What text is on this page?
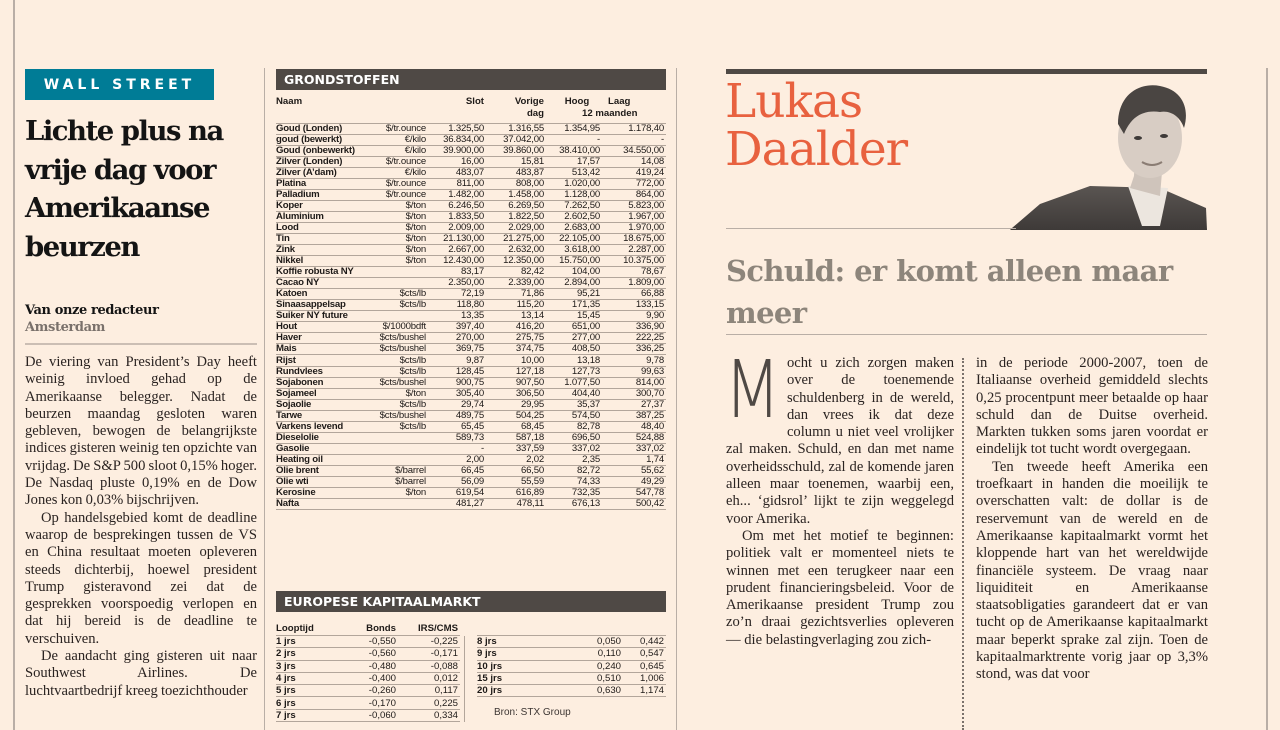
WALL STREET
Lichte plus na vrije dag voor Amerikaanse beurzen
Van onze redacteur
Amsterdam

De viering van President’s Day heeft weinig invloed gehad op de Amerikaanse belegger. Nadat de beurzen maandag gesloten waren gebleven, bewogen de belangrijkste indices gisteren weinig ten opzichte van vrijdag. De S&P 500 sloot 0,15% hoger. De Nasdaq pluste 0,19% en de Dow Jones kon 0,03% bijschrijven.

Op handelsgebied komt de deadline waarop de besprekingen tussen de VS en China resultaat moeten opleveren steeds dichterbij, hoewel president Trump gisteravond zei dat de gesprekken voorspoedig verlopen en dat hij bereid is de deadline te verschuiven.

De aandacht ging gisteren uit naar Southwest Airlines. De luchtvaartbedrijf kreeg toezichthouder

GRONDSTOFFEN
Naam		Slot	Vorige dag	Hoog	Laag
Goud (Londen)	$/tr.ounce	1.325,50	1.316,55	1.354,95	1.178,40
goud (bewerkt)	€/kilo	36.834,00	37.042,00	-	-
Goud (onbewerkt)	€/kilo	39.900,00	39.860,00	38.410,00	34.550,00
Zilver (Londen)	$/tr.ounce	16,00	15,81	17,57	14,08
Zilver (A’dam)	€/kilo	483,07	483,87	513,42	419,24
Platina	$/tr.ounce	811,00	808,00	1.020,00	772,00
Palladium	$/tr.ounce	1.482,00	1.458,00	1.128,00	864,00
Koper	$/ton	6.246,50	6.269,50	7.262,50	5.823,00
Aluminium	$/ton	1.833,50	1.822,50	2.602,50	1.967,00
Lood	$/ton	2.009,00	2.029,00	2.683,00	1.970,00
Tin	$/ton	21.130,00	21.275,00	22.105,00	18.675,00
Zink	$/ton	2.667,00	2.632,00	3.618,00	2.287,00
Nikkel	$/ton	12.430,00	12.350,00	15.750,00	10.375,00
Koffie robusta NY		83,17	82,42	104,00	78,67
Cacao NY		2.350,00	2.339,00	2.894,00	1.809,00
Katoen	$cts/lb	72,19	71,86	95,21	66,88
Sinaasappelsap	$cts/lb	118,80	115,20	171,35	133,15
Suiker NY future		13,35	13,14	15,45	9,90
Hout	$/1000bdft	397,40	416,20	651,00	336,90
Haver	$cts/bushel	270,00	275,75	277,00	222,25
Mais	$cts/bushel	369,75	374,75	408,50	336,25
Rijst	$cts/lb	9,87	10,00	13,18	9,78
Rundvlees	$cts/lb	128,45	127,18	127,73	99,63
Sojabonen	$cts/bushel	900,75	907,50	1.077,50	814,00
Sojameel	$/ton	305,40	306,50	404,40	300,70
Sojaolie	$cts/lb	29,74	29,95	35,37	27,37
Tarwe	$cts/bushel	489,75	504,25	574,50	387,25
Varkens levend	$cts/lb	65,45	68,45	82,78	48,40
Dieselolie		589,73	587,18	696,50	524,88
Gasolie		-	337,59	337,02	337,02
Heating oil		2,00	2,02	2,35	1,74
Olie brent	$/barrel	66,45	66,50	82,72	55,62
Olie wti	$/barrel	56,09	55,59	74,33	49,29
Kerosine	$/ton	619,54	616,89	732,35	547,78
Nafta		481,27	478,11	676,13	500,42
12 maanden
EUROPESE KAPITAALMARKT
Looptijd	Bonds	IRS/CMS
1 jrs	-0,550	-0,225
2 jrs	-0,560	-0,171
3 jrs	-0,480	-0,088
4 jrs	-0,400	0,012
5 jrs	-0,260	0,117
6 jrs	-0,170	0,225
7 jrs	-0,060	0,334
8 jrs	0,050	0,442
9 jrs	0,110	0,547
10 jrs	0,240	0,645
15 jrs	0,510	1,006
20 jrs	0,630	1,174
Bron: STX Group
Lukas
Daalder
Schuld: er komt alleen maar meer

Mocht u zich zorgen maken over de toenemende schuldenberg in de wereld, dan vrees ik dat deze column u niet veel vrolijker zal maken. Schuld, en dan met name overheidsschuld, zal de komende jaren alleen maar toenemen, waarbij een, eh... ‘gidsrol’ lijkt te zijn weggelegd voor Amerika.

Om met het motief te beginnen: politiek valt er momenteel niets te winnen met een terugkeer naar een prudent financieringsbeleid. Voor de Amerikaanse president Trump zou zo’n draai gezichtsverlies opleveren — die belastingverlaging zou zich-

in de periode 2000-2007, toen de Italiaanse overheid gemiddeld slechts 0,25 procentpunt meer betaalde op haar schuld dan de Duitse overheid. Markten tukken soms jaren voordat er eindelijk tot tucht wordt overgegaan.

Ten tweede heeft Amerika een troefkaart in handen die moeilijk te overschatten valt: de dollar is de reservemunt van de wereld en de Amerikaanse kapitaalmarkt vormt het kloppende hart van het wereldwijde financiële systeem. De vraag naar liquiditeit en Amerikaanse staatsobligaties garandeert dat er van tucht op de Amerikaanse kapitaalmarkt maar beperkt sprake zal zijn. Toen de kapitaalmarktrente vorig jaar op 3,3% stond, was dat voor
